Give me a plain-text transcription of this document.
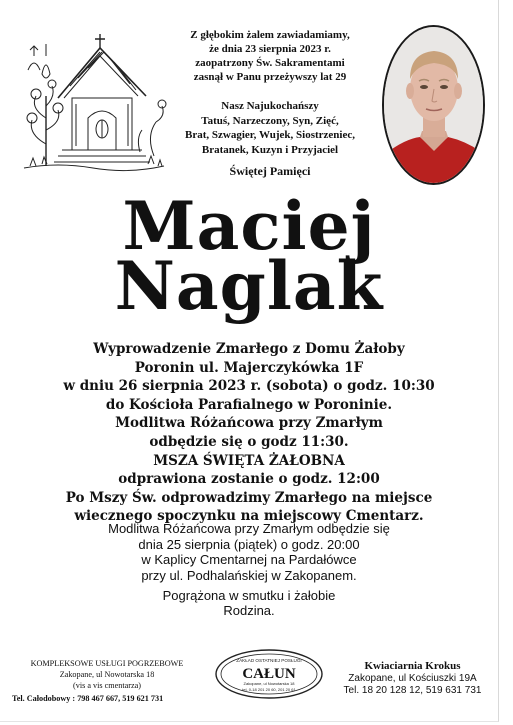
Z głębokim żalem zawiadamiamy,
że dnia 23 sierpnia 2023 r.
zaopatrzony Św. Sakramentami
zasnął w Panu przeżywszy lat 29
Nasz Najukochańszy
Tatuś, Narzeczony, Syn, Zięć,
Brat, Szwagier, Wujek, Siostrzeniec,
Bratanek, Kuzyn i Przyjaciel
Świętej Pamięci
Maciej
Naglak
Wyprowadzenie Zmarłego z Domu Żałoby
Poronin ul. Majerczykówka 1F
w dniu 26 sierpnia 2023 r. (sobota) o godz. 10:30
do Kościoła Parafialnego w Poroninie.
Modlitwa Różańcowa przy Zmarłym
odbędzie się o godz 11:30.
MSZA ŚWIĘTA ŻAŁOBNA
odprawiona zostanie o godz. 12:00
Po Mszy Św. odprowadzimy Zmarłego na miejsce
wiecznego spoczynku na miejscowy Cmentarz.
Modlitwa Różańcowa przy Zmarłym odbędzie się
dnia 25 sierpnia (piątek) o godz. 20:00
w Kaplicy Cmentarnej na Pardałówce
przy ul. Podhalańskiej w Zakopanem.
Pogrążona w smutku i żałobie
Rodzina.
KOMPLEKSOWE USŁUGI POGRZEBOWE
Zakopane, ul Nowotarska 18
(vis a vis cmentarza)
Tel. Całodobowy : 798 467 667, 519 621 731
ZAKŁAD OSTATNIEJ POSŁUGI
CAŁUN
Zakopane, ul Nowotarska 18
tel. 0-18 201 20 60, 201 20 61
Kwiaciarnia Krokus
Zakopane, ul Kościuszki 19A
Tel. 18 20 128 12, 519 631 731
